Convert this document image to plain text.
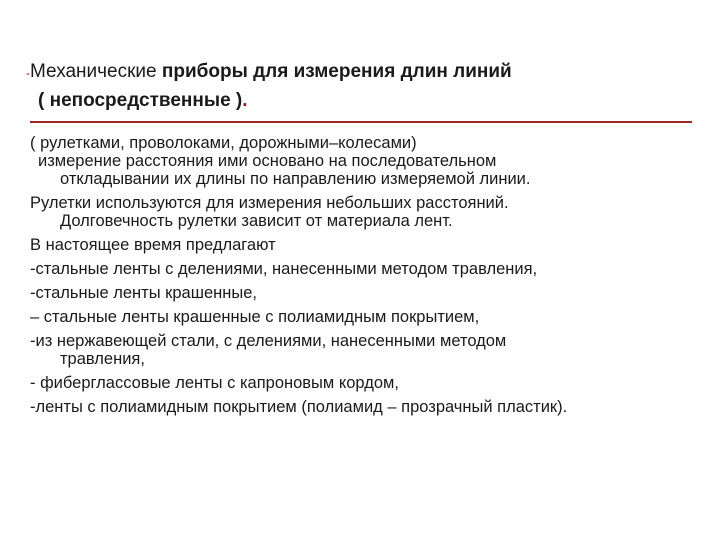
-Механические приборы для измерения длин линий
( непосредственные ).
( рулетками, проволоками, дорожными–колесами)
измерение расстояния ими основано на последовательном
откладывании их длины по направлению измеряемой линии.
Рулетки используются для измерения небольших расстояний.
Долговечность рулетки зависит от материала лент.
В настоящее время предлагают
-стальные ленты с делениями, нанесенными методом травления,
-стальные ленты крашенные,
– стальные ленты крашенные с полиамидным покрытием,
-из нержавеющей стали, с делениями, нанесенными методом
травления,
- фиберглассовые ленты с капроновым кордом,
-ленты с полиамидным покрытием (полиамид – прозрачный пластик).
